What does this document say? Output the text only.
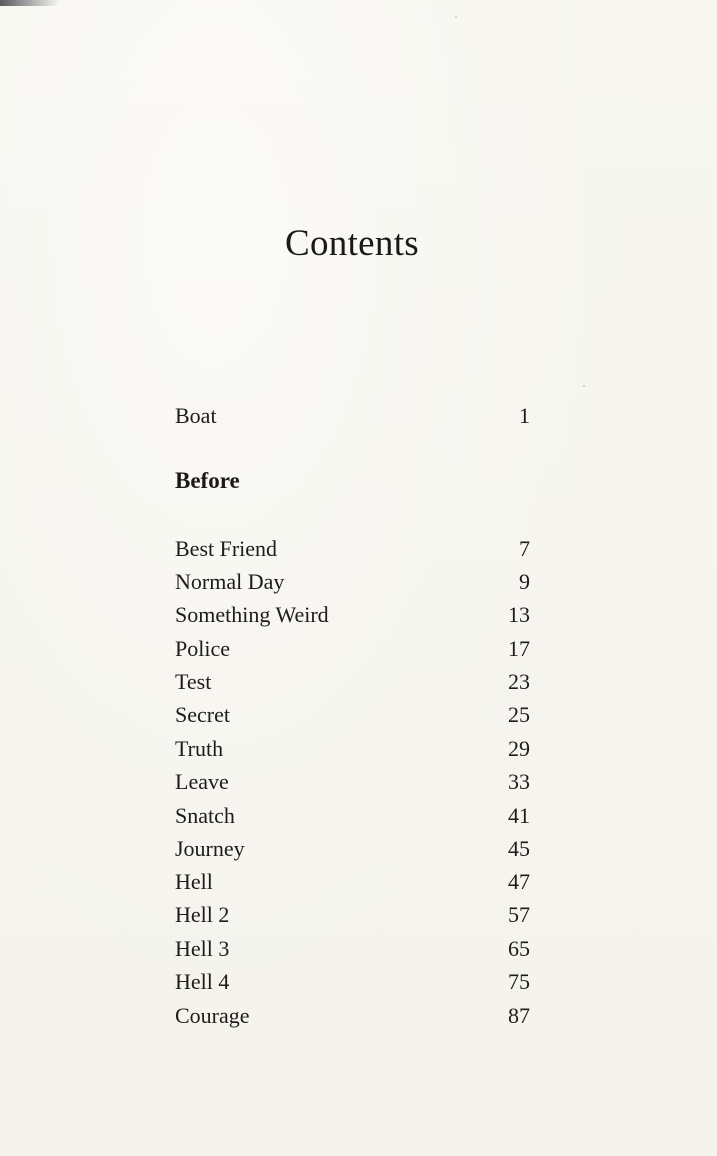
Contents
Boat	1
Before
Best Friend	7
Normal Day	9
Something Weird	13
Police	17
Test	23
Secret	25
Truth	29
Leave	33
Snatch	41
Journey	45
Hell	47
Hell 2	57
Hell 3	65
Hell 4	75
Courage	87
